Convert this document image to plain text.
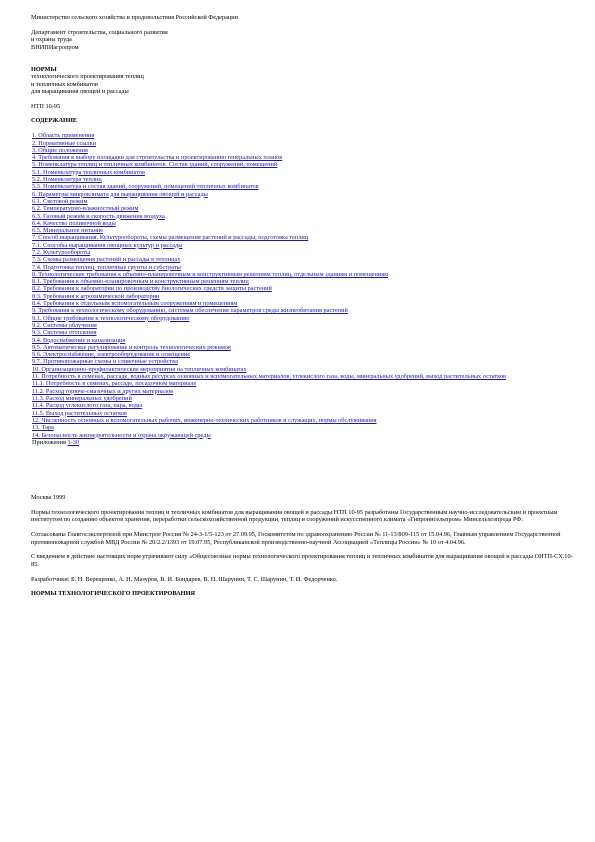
Министерство сельского хозяйства и продовольствия Российской Федерации
Департамент строительства, социального развития
и охраны труда
ВНИПИагропром
НОРМЫ
технологического проектирования теплиц
и тепличных комбинатов
для выращивания овощей и рассады
НТП 10-95
СОДЕРЖАНИЕ
1. Область применения
2. Нормативные ссылки
3. Общие положения
4. Требования к выбору площадки для строительства и проектированию генеральных планов
5. Номенклатура теплиц и тепличных комбинатов. Состав зданий, сооружений, помещений
5.1. Номенклатура тепличных комбинатов
5.2. Номенклатура теплиц
5.3. Номенклатура и состав зданий, сооружений, помещений тепличных комбинатов
6. Параметры микроклимата для выращивания овощей и рассады
6.1. Световой режим
6.2. Температурно-влажностный режим
6.3. Газовый режим и скорость движения воздуха
6.4. Качество поливочной воды
6.5. Минеральное питание
7. Способ выращивания. Культурообороты, схемы размещения растений и рассады, подготовка теплиц
7.1. Способы выращивания овощных культур и рассады
7.2. Культурообороты
7.3. Схемы размещения растений и рассады в теплицах
7.4. Подготовка теплиц, тепличные грунты и субстраты
8. Технологические требования к объемно-планировочным и конструктивным решениям теплиц, отдельным зданиям и помещениям
8.1. Требования к объемно-планировочным и конструктивным решениям теплиц
8.2. Требования к лаборатории по производству биологических средств защиты растений
8.3. Требования к агрохимической лаборатории
8.4. Требования к отдельным вспомогательным сооружениям и помещениям
9. Требования к технологическому оборудованию, системам обеспечения параметров среды жизнеобитания растений
9.1. Общие требования к технологическому оборудованию
9.2. Системы облучения
9.3. Системы отопления
9.4. Водоснабжение и канализация
9.5. Автоматическое регулирование и контроль технологических режимов
9.6. Электроснабжение, электрооборудование и освещение
9.7. Противопожарные схемы и сливочные устройства
10. Организационно-профилактические мероприятия на тепличных комбинатах
11. Потребность в семенах, рассаде, водных ресурсах основных и вспомогательных материалов, углекислого газа, воды, минеральных удобрений, выход растительных остатков
11.1. Потребность в семенах, рассаде, посадочном материале
11.2. Расход горюче-смазочных и других материалов
11.3. Расход минеральных удобрений
11.4. Расход углекислого газа, пара, воды
11.5. Выход растительных остатков
12. Численность основных и вспомогательных рабочих, инженерно-технических работников и служащих, нормы обслуживания
13. Тара
14. Безопасность жизнедеятельности и охрана окружающей среды
Приложения 1-30
Москва 1999

Нормы технологического проектирования теплиц и тепличных комбинатов для выращивания овощей и рассады НТП 10-95 разработаны Государственным научно-исследовательским и проектным институтом по созданию объектов хранения, переработки сельскохозяйственной продукции, теплиц и сооружений искусственного климата «Гипронисельпром» Минсельхозпрода РФ.

Согласованы Главгосэкспертизой при Минстрое России № 24-3-1/5-123 от 27.09.95, Госкомитетом по здравоохранению России № 11-13/809-115 от 15.04.96, Главным управлением Государственной противопожарной службой МВД России № 20/2.2/1393 от 19.07.95, Республиканской производственно-научной Ассоциацией «Теплицы России» № 10 от 4.04.96.

С введением в действие настоящих норм утрачивают силу «Общесоюзные нормы технологического проектирования теплиц и тепличных комбинатов для выращивания овощей и рассады ОНТП-СХ.10-85.

Разработчики: Б. Н. Верещенко, А. Н. Мазуров, В. И. Бондарев, В. П. Шарунин, Т. С. Шарунин, Т. И. Федорченко.

НОРМЫ ТЕХНОЛОГИЧЕСКОГО ПРОЕКТИРОВАНИЯ
